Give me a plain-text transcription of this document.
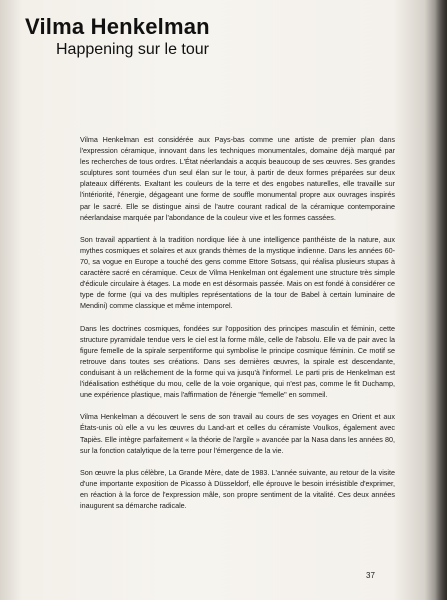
Vilma Henkelman
Happening sur le tour

Vilma Henkelman est considérée aux Pays-bas comme une artiste de premier plan dans l'expression céramique, innovant dans les techniques monumentales, domaine déjà marqué par les recherches de tous ordres. L'État néerlandais a acquis beaucoup de ses œuvres. Ses grandes sculptures sont tournées d'un seul élan sur le tour, à partir de deux formes préparées sur deux plateaux différents. Exaltant les couleurs de la terre et des engobes naturelles, elle travaille sur l'intériorité, l'énergie, dégageant une forme de souffle monumental propre aux ouvrages inspirés par le sacré. Elle se distingue ainsi de l'autre courant radical de la céramique contemporaine néerlandaise marquée par l'abondance de la couleur vive et les formes cassées.

Son travail appartient à la tradition nordique liée à une intelligence panthéiste de la nature, aux mythes cosmiques et solaires et aux grands thèmes de la mystique indienne. Dans les années 60-70, sa vogue en Europe a touché des gens comme Ettore Sotsass, qui réalisa plusieurs stupas à caractère sacré en céramique. Ceux de Vilma Henkelman ont également une structure très simple d'édicule circulaire à étages. La mode en est désormais passée. Mais on est fondé à considérer ce type de forme (qui va des multiples représentations de la tour de Babel à certain luminaire de Mendini) comme classique et même intemporel.

Dans les doctrines cosmiques, fondées sur l'opposition des principes masculin et féminin, cette structure pyramidale tendue vers le ciel est la forme mâle, celle de l'absolu. Elle va de pair avec la figure femelle de la spirale serpentiforme qui symbolise le principe cosmique féminin. Ce motif se retrouve dans toutes ses créations. Dans ses dernières œuvres, la spirale est descendante, conduisant à un relâchement de la forme qui va jusqu'à l'informel. Le parti pris de Henkelman est l'idéalisation esthétique du mou, celle de la voie organique, qui n'est pas, comme le fit Duchamp, une expérience plastique, mais l'affirmation de l'énergie "femelle" en sommeil.

Vilma Henkelman a découvert le sens de son travail au cours de ses voyages en Orient et aux États-unis où elle a vu les œuvres du Land-art et celles du céramiste Voulkos, également avec Tapiès. Elle intègre parfaitement « la théorie de l'argile » avancée par la Nasa dans les années 80, sur la fonction catalytique de la terre pour l'émergence de la vie.

Son œuvre la plus célèbre, La Grande Mère, date de 1983. L'année suivante, au retour de la visite d'une importante exposition de Picasso à Düsseldorf, elle éprouve le besoin irrésistible d'exprimer, en réaction à la force de l'expression mâle, son propre sentiment de la vitalité. Ces deux années inaugurent sa démarche radicale.

37
